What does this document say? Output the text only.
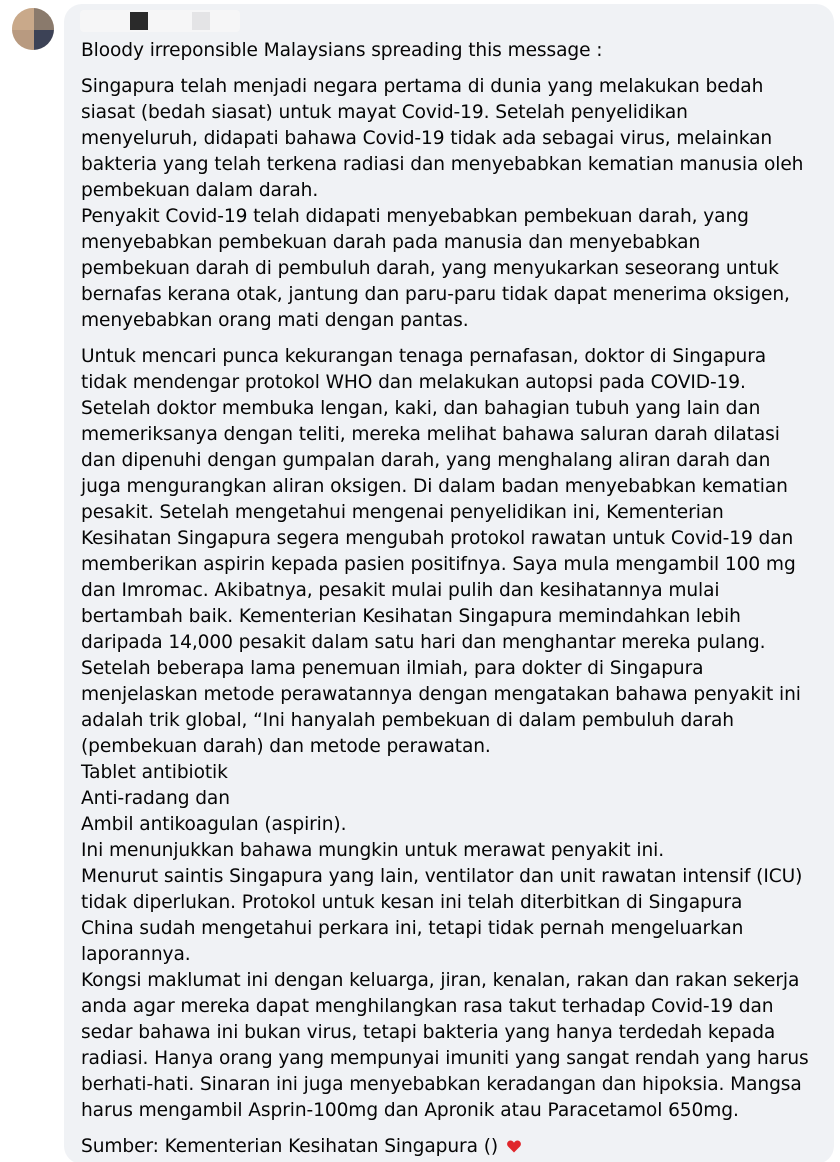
Bloody irreponsible Malaysians spreading this message :

Singapura telah menjadi negara pertama di dunia yang melakukan bedah
siasat (bedah siasat) untuk mayat Covid-19. Setelah penyelidikan
menyeluruh, didapati bahawa Covid-19 tidak ada sebagai virus, melainkan
bakteria yang telah terkena radiasi dan menyebabkan kematian manusia oleh
pembekuan dalam darah.
Penyakit Covid-19 telah didapati menyebabkan pembekuan darah, yang
menyebabkan pembekuan darah pada manusia dan menyebabkan
pembekuan darah di pembuluh darah, yang menyukarkan seseorang untuk
bernafas kerana otak, jantung dan paru-paru tidak dapat menerima oksigen,
menyebabkan orang mati dengan pantas.

Untuk mencari punca kekurangan tenaga pernafasan, doktor di Singapura
tidak mendengar protokol WHO dan melakukan autopsi pada COVID-19.
Setelah doktor membuka lengan, kaki, dan bahagian tubuh yang lain dan
memeriksanya dengan teliti, mereka melihat bahawa saluran darah dilatasi
dan dipenuhi dengan gumpalan darah, yang menghalang aliran darah dan
juga mengurangkan aliran oksigen. Di dalam badan menyebabkan kematian
pesakit. Setelah mengetahui mengenai penyelidikan ini, Kementerian
Kesihatan Singapura segera mengubah protokol rawatan untuk Covid-19 dan
memberikan aspirin kepada pasien positifnya. Saya mula mengambil 100 mg
dan Imromac. Akibatnya, pesakit mulai pulih dan kesihatannya mulai
bertambah baik. Kementerian Kesihatan Singapura memindahkan lebih
daripada 14,000 pesakit dalam satu hari dan menghantar mereka pulang.
Setelah beberapa lama penemuan ilmiah, para dokter di Singapura
menjelaskan metode perawatannya dengan mengatakan bahawa penyakit ini
adalah trik global, “Ini hanyalah pembekuan di dalam pembuluh darah
(pembekuan darah) dan metode perawatan.
Tablet antibiotik
Anti-radang dan
Ambil antikoagulan (aspirin).
Ini menunjukkan bahawa mungkin untuk merawat penyakit ini.
Menurut saintis Singapura yang lain, ventilator dan unit rawatan intensif (ICU)
tidak diperlukan. Protokol untuk kesan ini telah diterbitkan di Singapura
China sudah mengetahui perkara ini, tetapi tidak pernah mengeluarkan
laporannya.
Kongsi maklumat ini dengan keluarga, jiran, kenalan, rakan dan rakan sekerja
anda agar mereka dapat menghilangkan rasa takut terhadap Covid-19 dan
sedar bahawa ini bukan virus, tetapi bakteria yang hanya terdedah kepada
radiasi. Hanya orang yang mempunyai imuniti yang sangat rendah yang harus
berhati-hati. Sinaran ini juga menyebabkan keradangan dan hipoksia. Mangsa
harus mengambil Asprin-100mg dan Apronik atau Paracetamol 650mg.

Sumber: Kementerian Kesihatan Singapura ()
